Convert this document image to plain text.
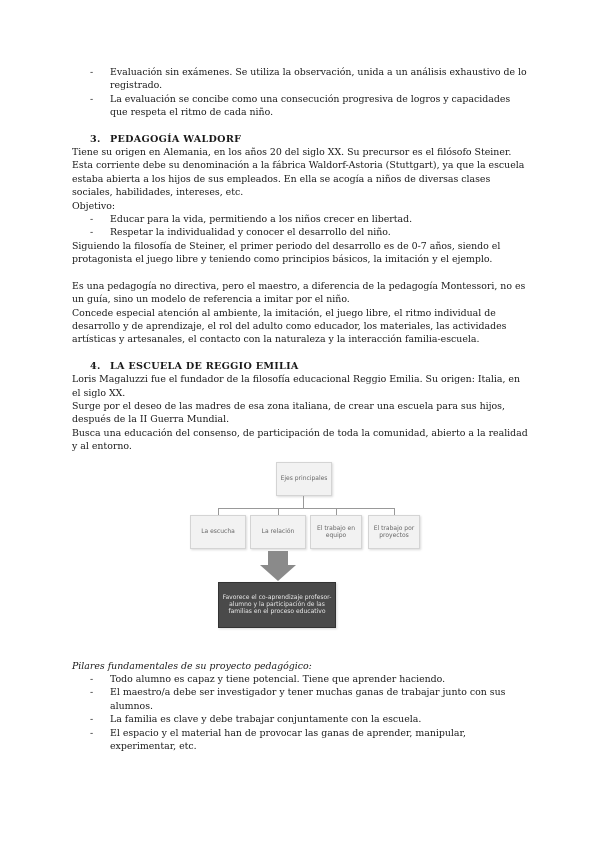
- Evaluación sin exámenes. Se utiliza la observación, unida a un análisis exhaustivo de lo registrado.
- La evaluación se concibe como una consecución progresiva de logros y capacidades que respeta el ritmo de cada niño.
3. PEDAGOGÍA WALDORF

Tiene su origen en Alemania, en los años 20 del siglo XX. Su precursor es el filósofo Steiner.

Esta corriente debe su denominación a la fábrica Waldorf-Astoria (Stuttgart), ya que la escuela estaba abierta a los hijos de sus empleados. En ella se acogía a niños de diversas clases sociales, habilidades, intereses, etc.

Objetivo:

- Educar para la vida, permitiendo a los niños crecer en libertad.
- Respetar la individualidad y conocer el desarrollo del niño.

Siguiendo la filosofía de Steiner, el primer periodo del desarrollo es de 0-7 años, siendo el protagonista el juego libre y teniendo como principios básicos, la imitación y el ejemplo.

Es una pedagogía no directiva, pero el maestro, a diferencia de la pedagogía Montessori, no es un guía, sino un modelo de referencia a imitar por el niño.

Concede especial atención al ambiente, la imitación, el juego libre, el ritmo individual de desarrollo y de aprendizaje, el rol del adulto como educador, los materiales, las actividades artísticas y artesanales, el contacto con la naturaleza y la interacción familia-escuela.

4. LA ESCUELA DE REGGIO EMILIA

Loris Magaluzzi fue el fundador de la filosofía educacional Reggio Emilia. Su origen: Italia, en el siglo XX.

Surge por el deseo de las madres de esa zona italiana, de crear una escuela para sus hijos, después de la II Guerra Mundial.

Busca una educación del consenso, de participación de toda la comunidad, abierto a la realidad y al entorno.

Ejes principales
La escucha	La relación	El trabajo en equipo
El trabajo por proyectos
Favorece el co-aprendizaje profesor-alumno y la participación de las familias en el proceso educativo

Pilares fundamentales de su proyecto pedagógico:

- Todo alumno es capaz y tiene potencial. Tiene que aprender haciendo.
- El maestro/a debe ser investigador y tener muchas ganas de trabajar junto con sus alumnos.
- La familia es clave y debe trabajar conjuntamente con la escuela.
- El espacio y el material han de provocar las ganas de aprender, manipular, experimentar, etc.
